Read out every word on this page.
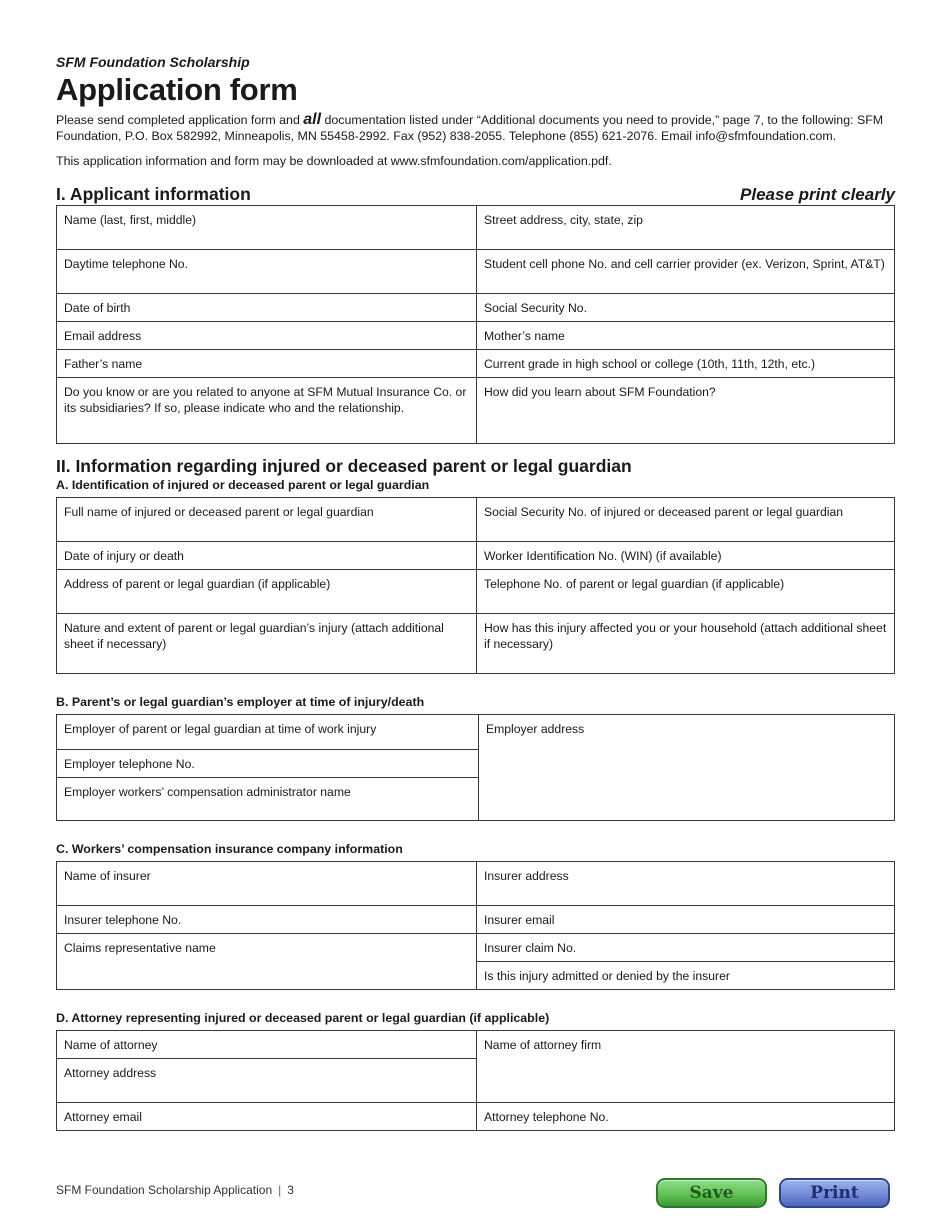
SFM Foundation Scholarship
Application form
Please send completed application form and all documentation listed under “Additional documents you need to provide,” page 7, to the following: SFM Foundation, P.O. Box 582992, Minneapolis, MN 55458-2992. Fax (952) 838-2055. Telephone (855) 621-2076. Email info@sfmfoundation.com.
This application information and form may be downloaded at www.sfmfoundation.com/application.pdf.
I. Applicant information	Please print clearly
Name (last, first, middle)	Street address, city, state, zip
Daytime telephone No.	Student cell phone No. and cell carrier provider (ex. Verizon, Sprint, AT&T)
Date of birth	Social Security No.
Email address	Mother’s name
Father’s name	Current grade in high school or college (10th, 11th, 12th, etc.)
Do you know or are you related to anyone at SFM Mutual Insurance Co. or its subsidiaries? If so, please indicate who and the relationship.	How did you learn about SFM Foundation?
II. Information regarding injured or deceased parent or legal guardian
A. Identification of injured or deceased parent or legal guardian
Full name of injured or deceased parent or legal guardian	Social Security No. of injured or deceased parent or legal guardian
Date of injury or death	Worker Identification No. (WIN) (if available)
Address of parent or legal guardian (if applicable)	Telephone No. of parent or legal guardian (if applicable)
Nature and extent of parent or legal guardian’s injury (attach additional sheet if necessary)	How has this injury affected you or your household (attach additional sheet if necessary)
B. Parent’s or legal guardian’s employer at time of injury/death
Employer of parent or legal guardian at time of work injury	Employer address
Employer telephone No.
Employer workers’ compensation administrator name
C. Workers’ compensation insurance company information
Name of insurer	Insurer address
Insurer telephone No.	Insurer email
Claims representative name	Insurer claim No.
	Is this injury admitted or denied by the insurer
D. Attorney representing injured or deceased parent or legal guardian (if applicable)
Name of attorney	Name of attorney firm
Attorney address	
Attorney email	Attorney telephone No.
SFM Foundation Scholarship Application | 3	Save	Print
